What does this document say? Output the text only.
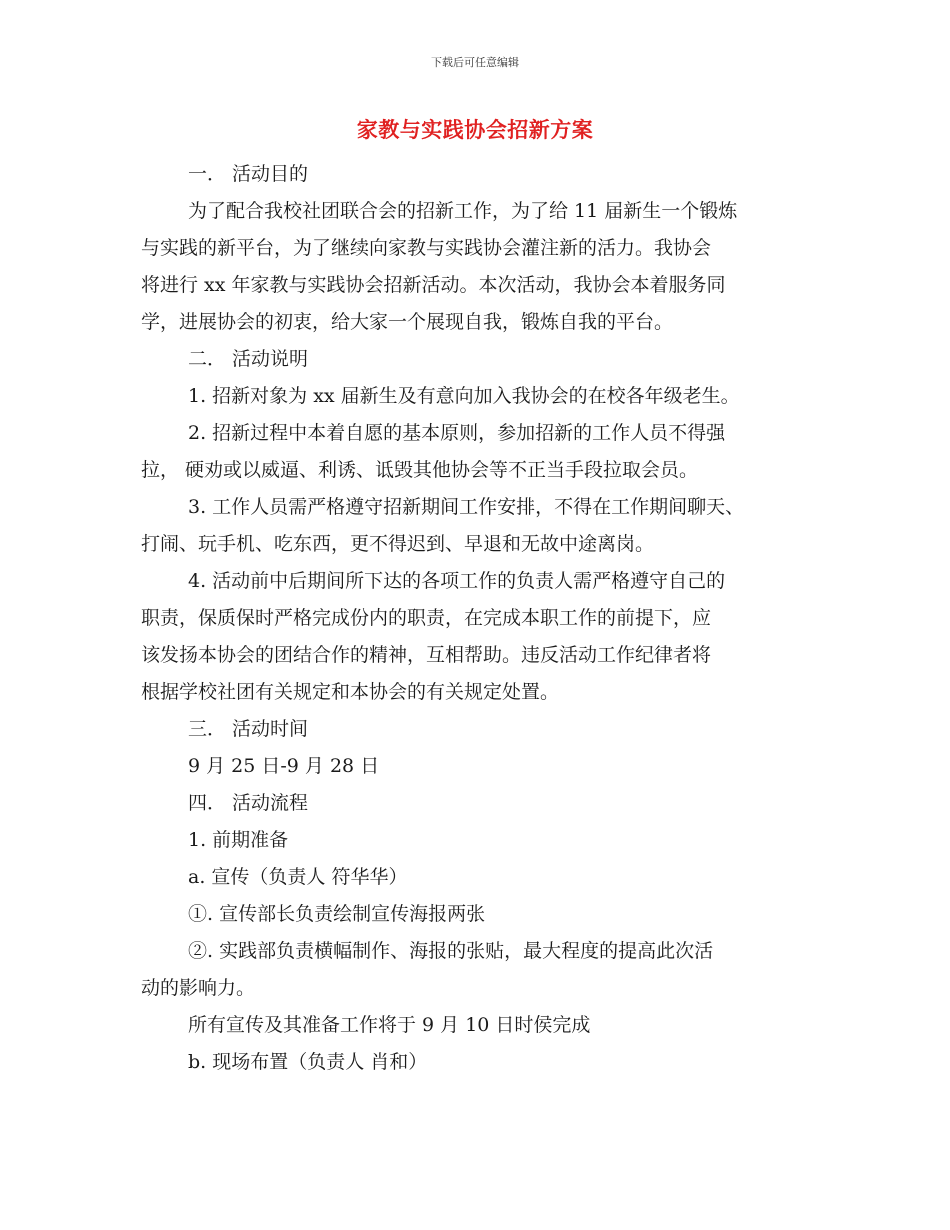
下载后可任意编辑
家教与实践协会招新方案
一． 活动目的
为了配合我校社团联合会的招新工作，为了给 11 届新生一个锻炼
与实践的新平台，为了继续向家教与实践协会灌注新的活力。我协会
将进行 xx 年家教与实践协会招新活动。本次活动，我协会本着服务同
学，进展协会的初衷，给大家一个展现自我，锻炼自我的平台。
二． 活动说明
1. 招新对象为 xx 届新生及有意向加入我协会的在校各年级老生。
2. 招新过程中本着自愿的基本原则，参加招新的工作人员不得强
拉， 硬劝或以威逼、利诱、诋毁其他协会等不正当手段拉取会员。
3. 工作人员需严格遵守招新期间工作安排，不得在工作期间聊天、
打闹、玩手机、吃东西，更不得迟到、早退和无故中途离岗。
4. 活动前中后期间所下达的各项工作的负责人需严格遵守自己的
职责，保质保时严格完成份内的职责，在完成本职工作的前提下，应
该发扬本协会的团结合作的精神，互相帮助。违反活动工作纪律者将
根据学校社团有关规定和本协会的有关规定处置。
三． 活动时间
9 月 25 日-9 月 28 日
四． 活动流程
1. 前期准备
a. 宣传（负责人 符华华）
①. 宣传部长负责绘制宣传海报两张
②. 实践部负责横幅制作、海报的张贴，最大程度的提高此次活
动的影响力。
所有宣传及其准备工作将于 9 月 10 日时侯完成
b. 现场布置（负责人 肖和）
